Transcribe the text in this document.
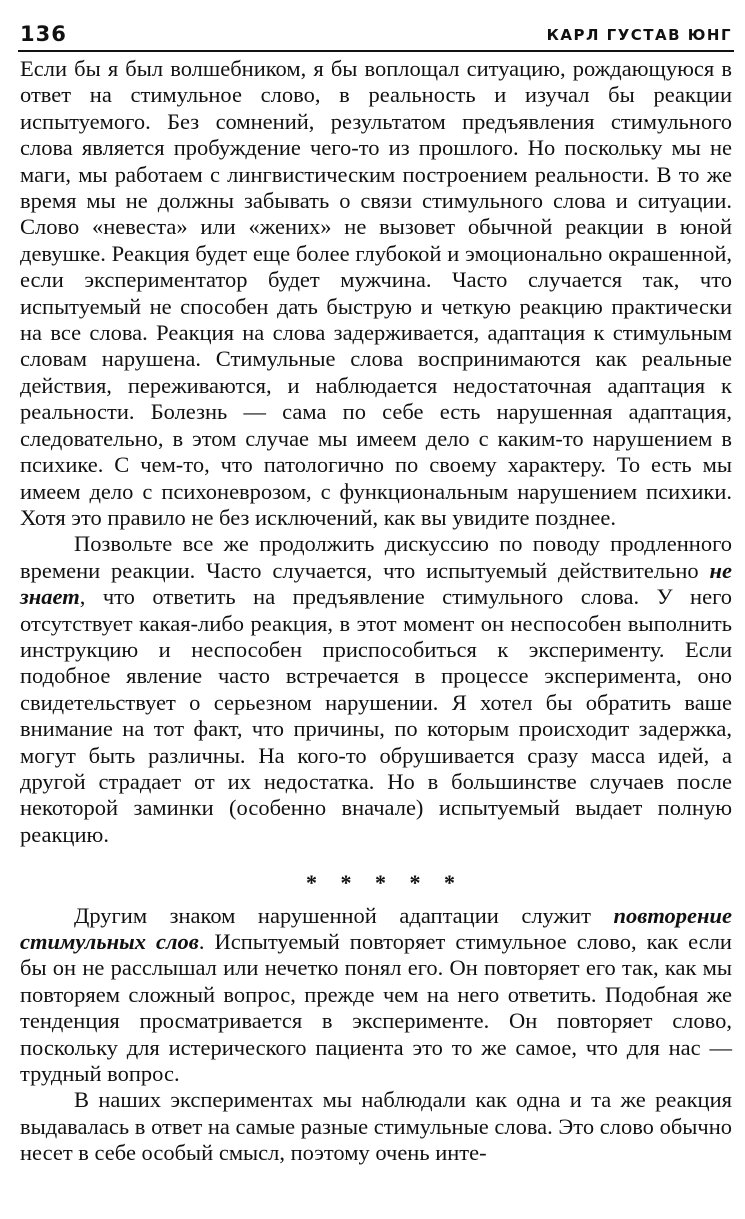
136	КАРЛ ГУСТАВ ЮНГ

Если бы я был волшебником, я бы воплощал ситуацию, рождающуюся в ответ на стимульное слово, в реальность и изучал бы реакции испытуемого. Без сомнений, результатом предъявления стимульного слова является пробуждение чего-то из прошлого. Но поскольку мы не маги, мы работаем с лингвистическим построением реальности. В то же время мы не должны забывать о связи стимульного слова и ситуации. Слово «невеста» или «жених» не вызовет обычной реакции в юной девушке. Реакция будет еще более глубокой и эмоционально окрашенной, если экспериментатор будет мужчина. Часто случается так, что испытуемый не способен дать быструю и четкую реакцию практически на все слова. Реакция на слова задерживается, адаптация к стимульным словам нарушена. Стимульные слова воспринимаются как реальные действия, переживаются, и наблюдается недостаточная адаптация к реальности. Болезнь — сама по себе есть нарушенная адаптация, следовательно, в этом случае мы имеем дело с каким-то нарушением в психике. С чем-то, что патологично по своему характеру. То есть мы имеем дело с психоневрозом, с функциональным нарушением психики. Хотя это правило не без исключений, как вы увидите позднее.

Позвольте все же продолжить дискуссию по поводу продленного времени реакции. Часто случается, что испытуемый действительно не знает, что ответить на предъявление стимульного слова. У него отсутствует какая-либо реакция, в этот момент он неспособен выполнить инструкцию и неспособен приспособиться к эксперименту. Если подобное явление часто встречается в процессе эксперимента, оно свидетельствует о серьезном нарушении. Я хотел бы обратить ваше внимание на тот факт, что причины, по которым происходит задержка, могут быть различны. На кого-то обрушивается сразу масса идей, а другой страдает от их недостатка. Но в большинстве случаев после некоторой заминки (особенно вначале) испытуемый выдает полную реакцию.

* * * * *

Другим знаком нарушенной адаптации служит повторение стимульных слов. Испытуемый повторяет стимульное слово, как если бы он не расслышал или нечетко понял его. Он повторяет его так, как мы повторяем сложный вопрос, прежде чем на него ответить. Подобная же тенденция просматривается в эксперименте. Он повторяет слово, поскольку для истерического пациента это то же самое, что для нас — трудный вопрос.

В наших экспериментах мы наблюдали как одна и та же реакция выдавалась в ответ на самые разные стимульные слова. Это слово обычно несет в себе особый смысл, поэтому очень инте-
